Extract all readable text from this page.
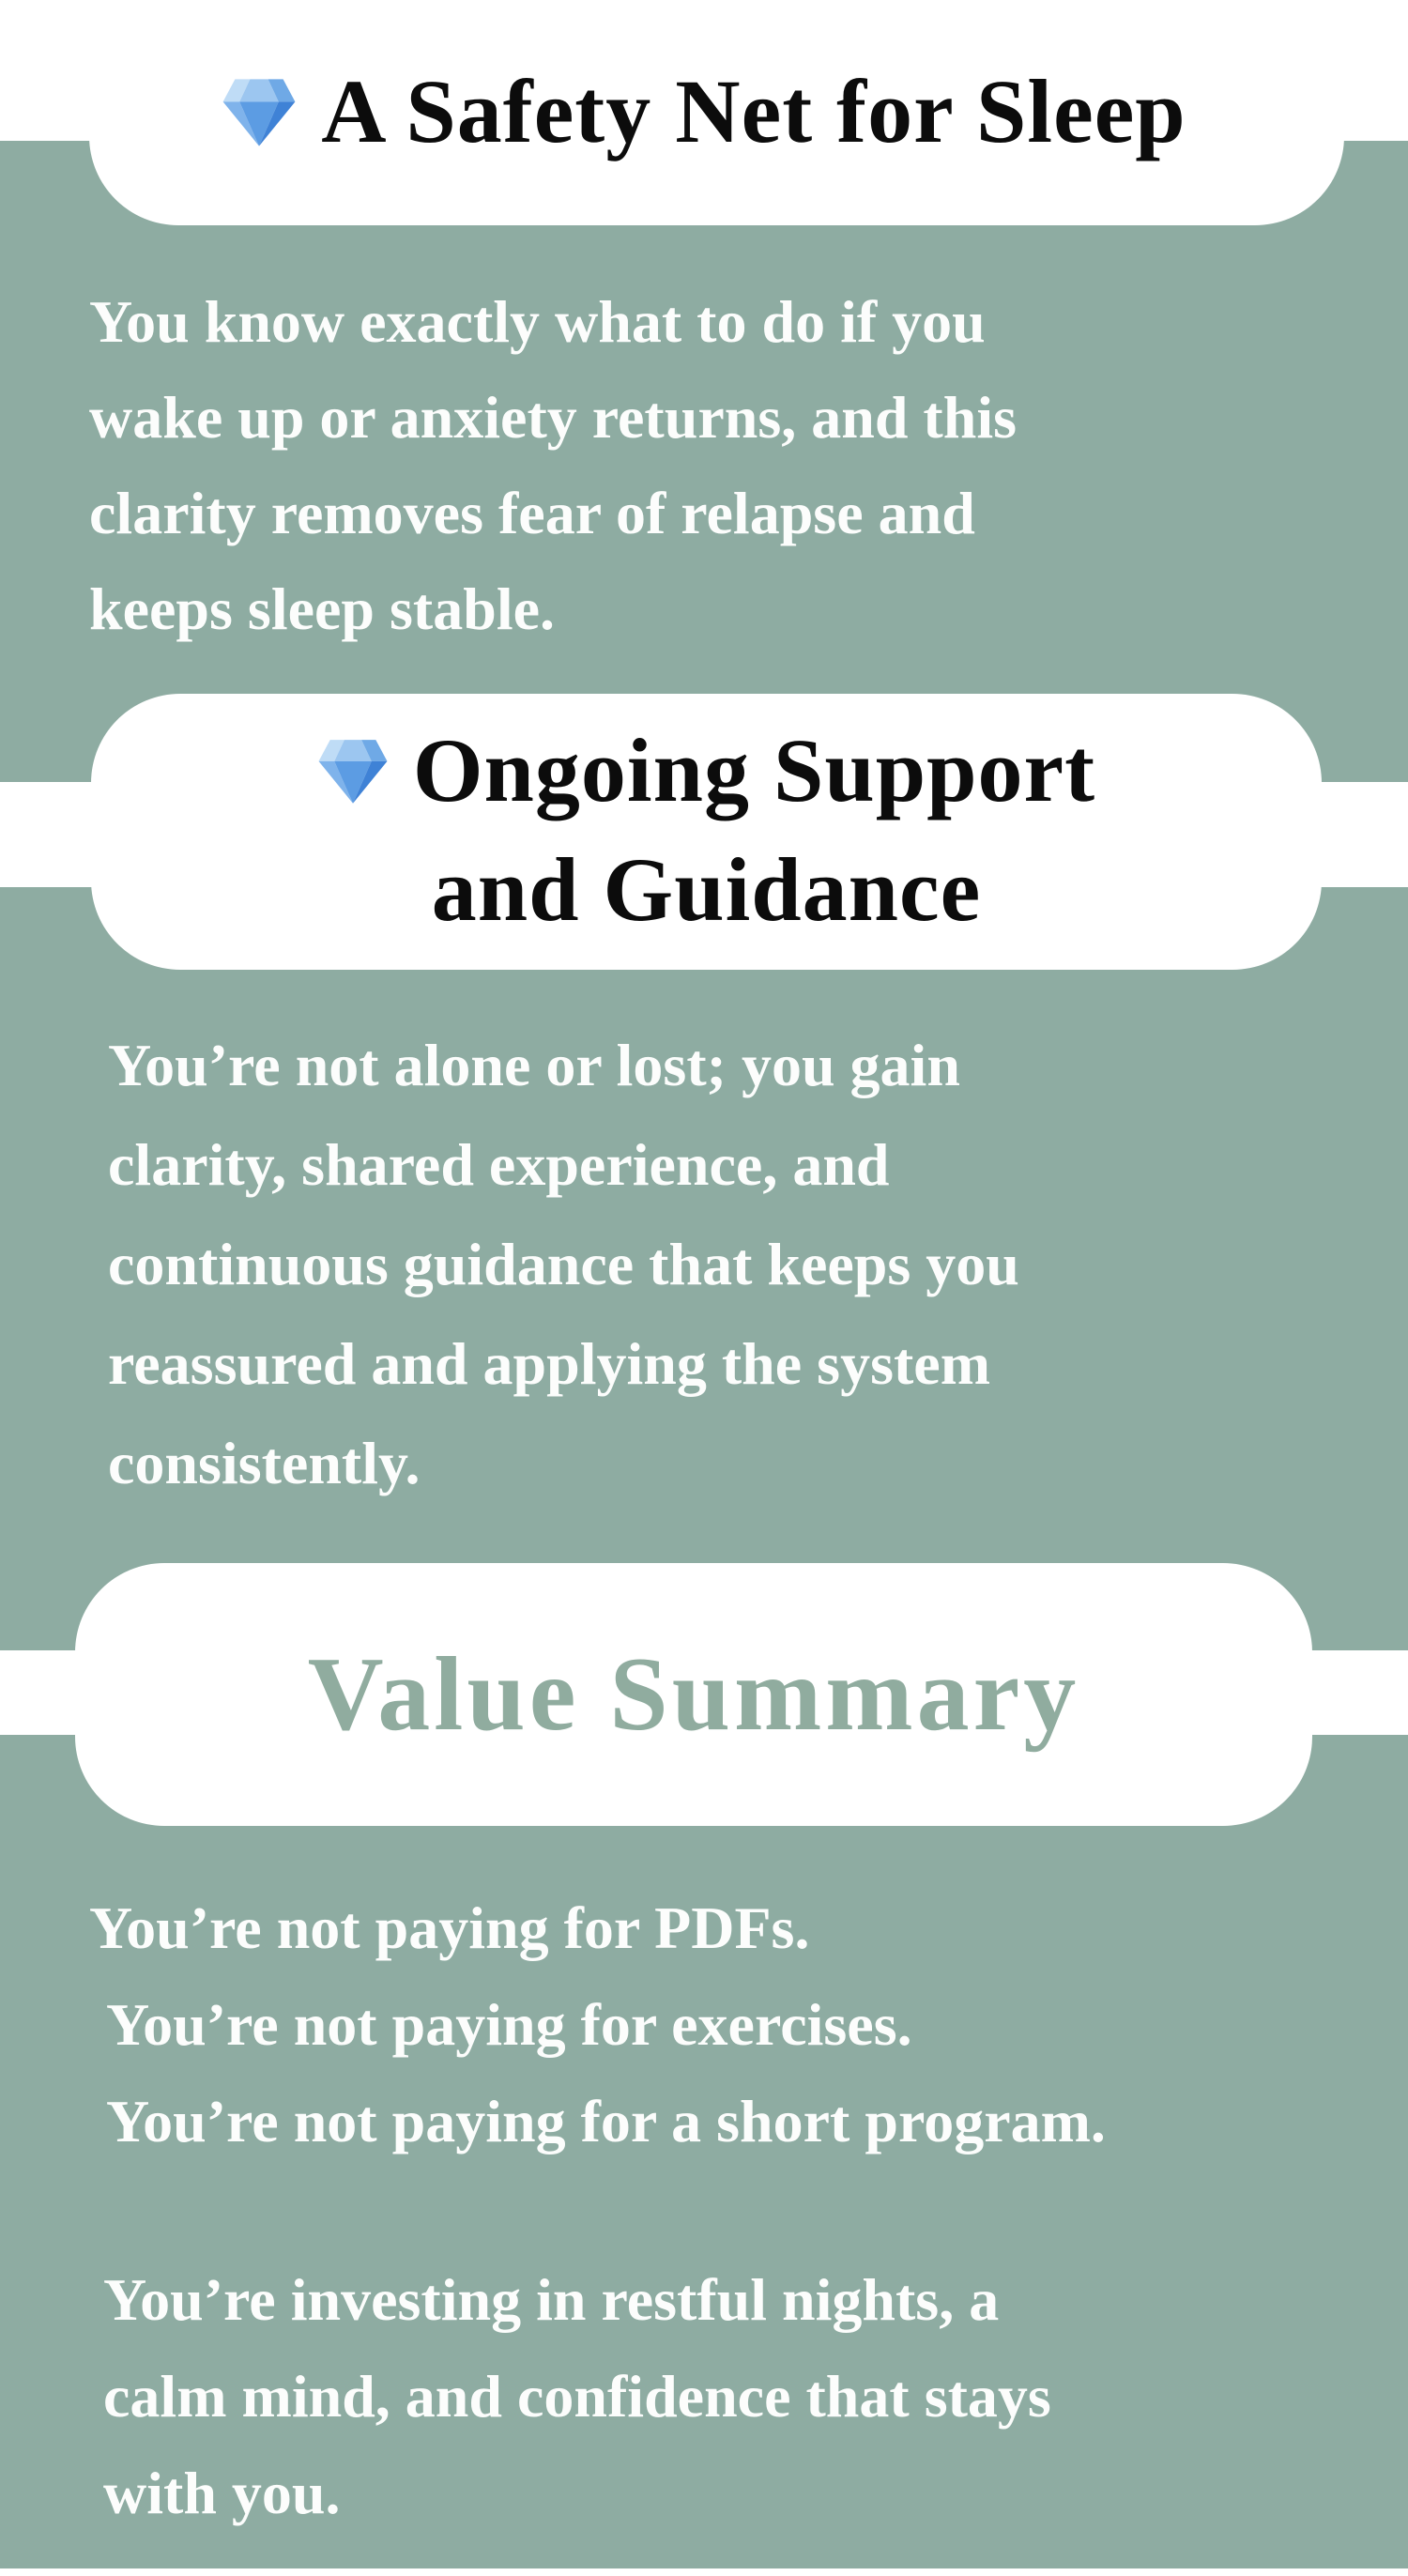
A Safety Net for Sleep
You know exactly what to do if you
wake up or anxiety returns, and this
clarity removes fear of relapse and
keeps sleep stable.
Ongoing Support
and Guidance
You’re not alone or lost; you gain
clarity, shared experience, and
continuous guidance that keeps you
reassured and applying the system
consistently.
Value Summary
You’re not paying for PDFs.
You’re not paying for exercises.
You’re not paying for a short program.
You’re investing in restful nights, a
calm mind, and confidence that stays
with you.
